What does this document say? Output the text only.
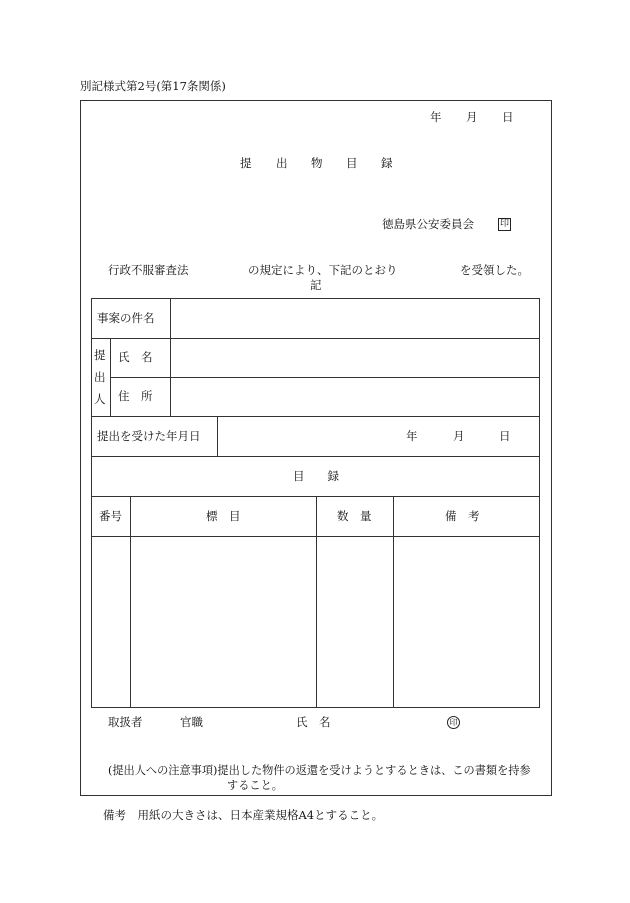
別記様式第2号(第17条関係)
年 月 日
提 出 物 目 録
徳島県公安委員会	印
行政不服審査法	の規定により、下記のとおり	を受領した。
記
事案の件名
提
出
人
氏　名
住　所
提出を受けた年月日	年	月	日
目　　録
番号	標　目	数　量	備　考
取扱者	官職	氏　名	印
(提出人への注意事項)提出した物件の返還を受けようとするときは、この書類を持参
すること。
備考　用紙の大きさは、日本産業規格A4とすること。
